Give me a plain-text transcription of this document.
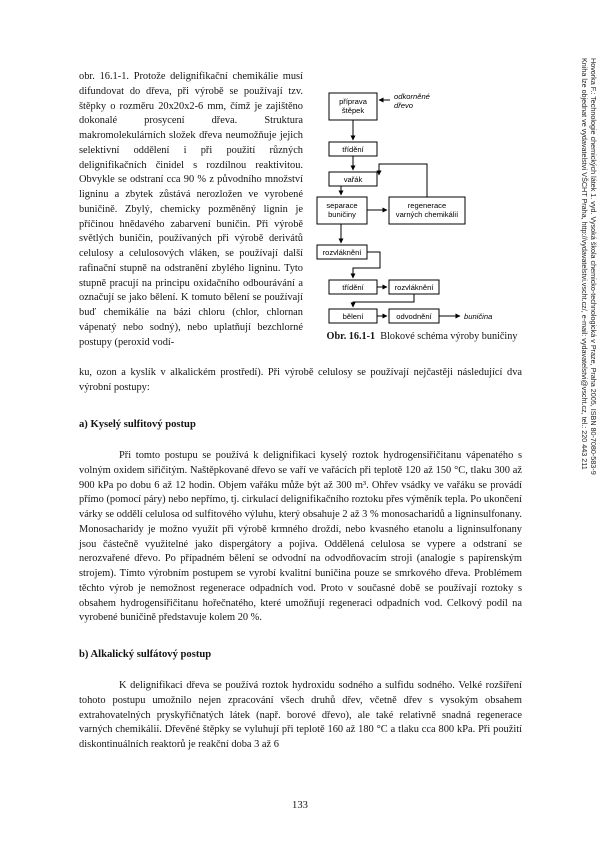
Hovorka F.: Technologie chemických látek 1. vyd. Vysoká škola chemicko-technologická v Praze, Praha 2005, ISBN 80-7080-583-9
Kniha lze objednat ve vydavatelství VŠCHT Praha, http://vydavatelstvi.vscht.cz/, e-mail: vydavatelstvi@vscht.cz, tel.: 220 443 211

obr. 16.1-1. Protože delignifikační chemikálie musí difundovat do dřeva, při výrobě se používají tzv. štěpky o rozměru 20x20x2-6 mm, čímž je zajištěno dokonalé prosycení dřeva. Struktura makromolekulárních složek dřeva neumožňuje jejich selektivní oddělení i při použití různých delignifikačních činidel s rozdílnou reaktivitou. Obvykle se odstraní cca 90 % z původního množství ligninu a zbytek zůstává nerozložen ve vyrobené buničině. Zbylý, chemicky pozměněný lignin je příčinou hnědavého zabarvení buničin. Při výrobě světlých buničin, používaných při výrobě derivátů celulosy a celulosových vláken, se používají další rafinační stupně na odstranění zbylého ligninu. Tyto stupně pracují na principu oxidačního odbourávání a označují se jako bělení. K tomuto bělení se používají buď chemikálie na bázi chloru (chlor, chlornan vápenatý nebo sodný), nebo uplatňují bezchlorné postupy (peroxid vodí-

příprava štěpek
odkorněné dřevo
třídění
vařák
separace buničiny
regenerace varných chemikálií
rozvláknění
třídění	rozvláknění
bělení	odvodnění	buničina
Obr. 16.1-1 Blokové schéma výroby buničiny

ku, ozon a kyslík v alkalickém prostředí). Při výrobě celulosy se používají nejčastěji následující dva výrobní postupy:

a) Kyselý sulfitový postup

Při tomto postupu se používá k delignifikaci kyselý roztok hydrogensiřičitanu vápenatého s volným oxidem siřičitým. Naštěpkované dřevo se vaří ve vařácích při teplotě 120 až 150 °C, tlaku 300 až 900 kPa po dobu 6 až 12 hodin. Objem vařáku může být až 300 m³. Ohřev vsádky ve vařáku se provádí přímo (pomocí páry) nebo nepřímo, tj. cirkulací delignifikačního roztoku přes výměník tepla. Po ukončení várky se oddělí celulosa od sulfitového výluhu, který obsahuje 2 až 3 % monosacharidů a ligninsulfonany. Monosacharidy je možno využít při výrobě krmného droždí, nebo kvasného etanolu a ligninsulfonany jsou částečně využitelné jako dispergátory a pojiva. Oddělená celulosa se vypere a odstraní se nerozvařené dřevo. Po případném bělení se odvodní na odvodňovacím stroji (analogie s papírenským strojem). Tímto výrobním postupem se vyrobí kvalitní buničina pouze se smrkového dřeva. Problémem těchto výrob je nemožnost regenerace odpadních vod. Proto v současné době se používají roztoky s obsahem hydrogensiřičitanu hořečnatého, které umožňují regeneraci odpadních vod. Celkový podíl na vyrobené buničině představuje kolem 20 %.

b) Alkalický sulfátový postup

K delignifikaci dřeva se používá roztok hydroxidu sodného a sulfidu sodného. Velké rozšíření tohoto postupu umožnilo nejen zpracování všech druhů dřev, včetně dřev s vysokým obsahem extrahovatelných pryskyřičnatých látek (např. borové dřevo), ale také relativně snadná regenerace varných chemikálií. Dřevěné štěpky se vyluhují při teplotě 160 až 180 °C a tlaku cca 800 kPa. Při použití diskontinuálních reaktorů je reakční doba 3 až 6

133
